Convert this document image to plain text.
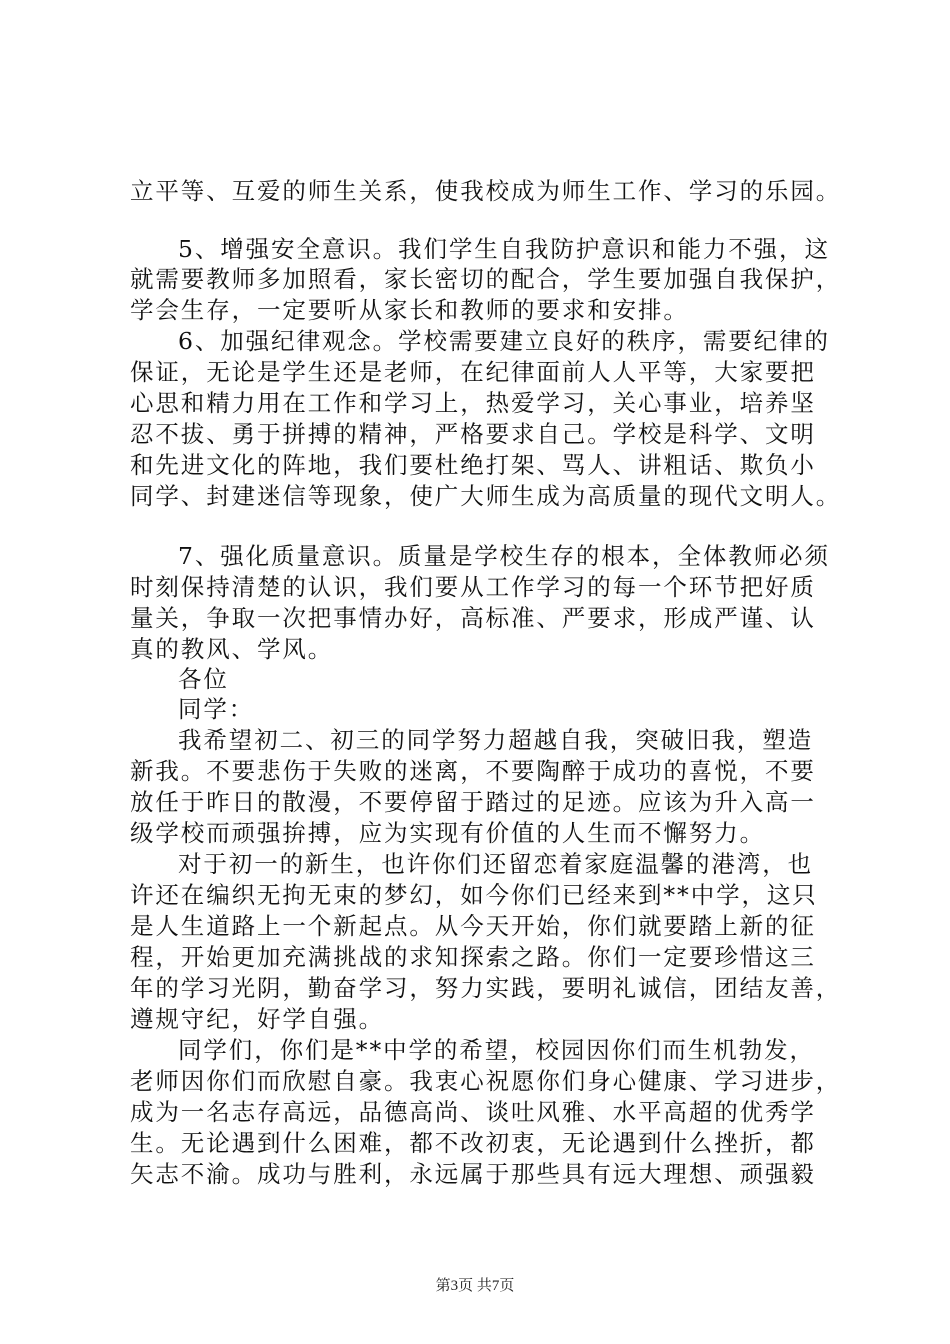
立平等、互爱的师生关系，使我校成为师生工作、学习的乐园。
5、增强安全意识。我们学生自我防护意识和能力不强，这
就需要教师多加照看，家长密切的配合，学生要加强自我保护，
学会生存，一定要听从家长和教师的要求和安排。
6、加强纪律观念。学校需要建立良好的秩序，需要纪律的
保证，无论是学生还是老师，在纪律面前人人平等，大家要把
心思和精力用在工作和学习上，热爱学习，关心事业，培养坚
忍不拔、勇于拼搏的精神，严格要求自己。学校是科学、文明
和先进文化的阵地，我们要杜绝打架、骂人、讲粗话、欺负小
同学、封建迷信等现象，使广大师生成为高质量的现代文明人。
7、强化质量意识。质量是学校生存的根本，全体教师必须
时刻保持清楚的认识，我们要从工作学习的每一个环节把好质
量关，争取一次把事情办好，高标准、严要求，形成严谨、认
真的教风、学风。
各位
同学：
我希望初二、初三的同学努力超越自我，突破旧我，塑造
新我。不要悲伤于失败的迷离，不要陶醉于成功的喜悦，不要
放任于昨日的散漫，不要停留于踏过的足迹。应该为升入高一
级学校而顽强拚搏，应为实现有价值的人生而不懈努力。
对于初一的新生，也许你们还留恋着家庭温馨的港湾，也
许还在编织无拘无束的梦幻，如今你们已经来到**中学，这只
是人生道路上一个新起点。从今天开始，你们就要踏上新的征
程，开始更加充满挑战的求知探索之路。你们一定要珍惜这三
年的学习光阴，勤奋学习，努力实践，要明礼诚信，团结友善，
遵规守纪，好学自强。
同学们，你们是**中学的希望，校园因你们而生机勃发，
老师因你们而欣慰自豪。我衷心祝愿你们身心健康、学习进步，
成为一名志存高远，品德高尚、谈吐风雅、水平高超的优秀学
生。无论遇到什么困难，都不改初衷，无论遇到什么挫折，都
矢志不渝。成功与胜利，永远属于那些具有远大理想、顽强毅
第3页 共7页
